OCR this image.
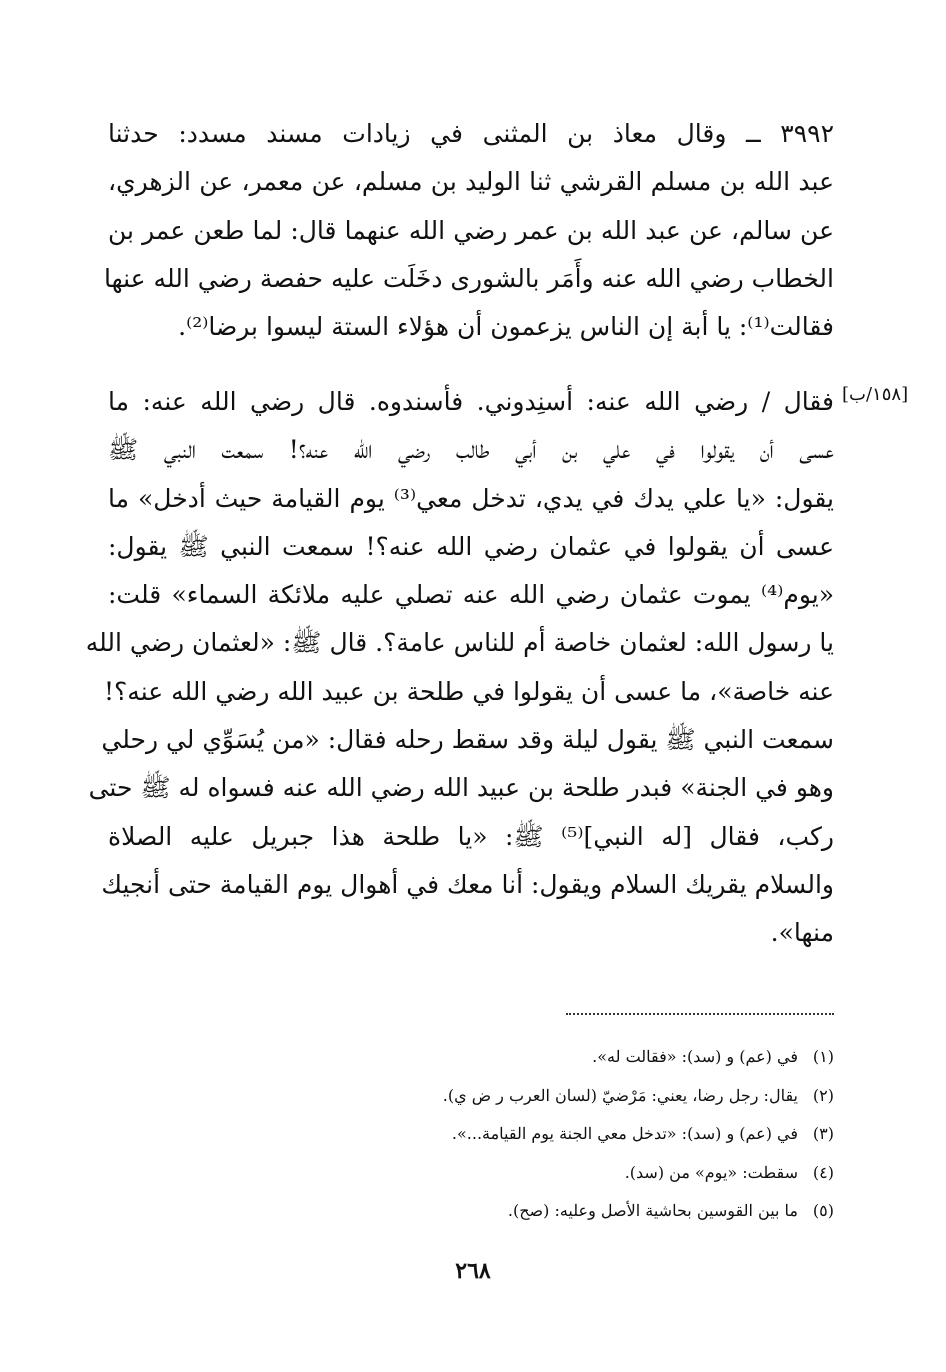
٣٩٩٢ ــ وقال معاذ بن المثنى في زيادات مسند مسدد: حدثنا
عبد الله بن مسلم القرشي ثنا الوليد بن مسلم، عن معمر، عن الزهري،
عن سالم، عن عبد الله بن عمر رضي الله عنهما قال: لما طعن عمر بن
الخطاب رضي الله عنه وأَمَر بالشورى دخَلَت عليه حفصة رضي الله عنها
فقالت⁽¹⁾: يا أبة إن الناس يزعمون أن هؤلاء الستة ليسوا برضا⁽²⁾.
[١٥٨/ب]
فقال / رضي الله عنه: أسنِدوني. فأسندوه. قال رضي الله عنه: ما
عسى أن يقولوا في علي بن أبي طالب رضي الله عنه؟! سمعت النبي ﷺ
يقول: «يا علي يدك في يدي، تدخل معي⁽³⁾ يوم القيامة حيث أدخل» ما
عسى أن يقولوا في عثمان رضي الله عنه؟! سمعت النبي ﷺ يقول:
«يوم⁽⁴⁾ يموت عثمان رضي الله عنه تصلي عليه ملائكة السماء» قلت:
يا رسول الله: لعثمان خاصة أم للناس عامة؟. قال ﷺ: «لعثمان رضي الله
عنه خاصة»، ما عسى أن يقولوا في طلحة بن عبيد الله رضي الله عنه؟!
سمعت النبي ﷺ يقول ليلة وقد سقط رحله فقال: «من يُسَوِّي لي رحلي
وهو في الجنة» فبدر طلحة بن عبيد الله رضي الله عنه فسواه له ﷺ حتى
ركب، فقال [له النبي]⁽⁵⁾ ﷺ: «يا طلحة هذا جبريل عليه الصلاة
والسلام يقريك السلام ويقول: أنا معك في أهوال يوم القيامة حتى أنجيك
منها».
(١)في (عم) و (سد): «فقالت له».
(٢)يقال: رجل رضا، يعني: مَرْضيّ (لسان العرب ر ض ي).
(٣)في (عم) و (سد): «تدخل معي الجنة يوم القيامة...».
(٤)سقطت: «يوم» من (سد).
(٥)ما بين القوسين بحاشية الأصل وعليه: (صح).
٢٦٨
